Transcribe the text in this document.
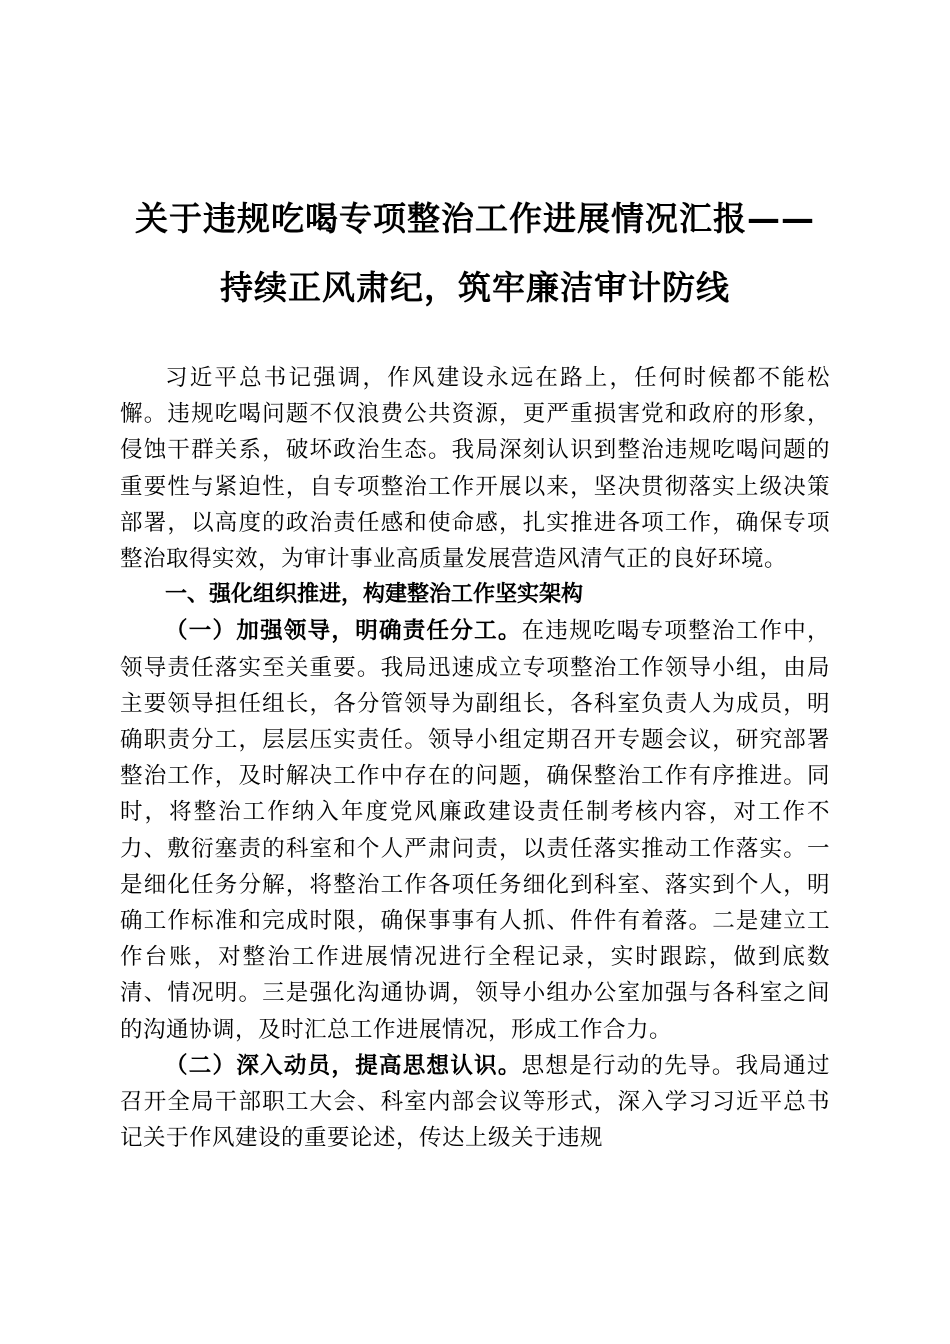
关于违规吃喝专项整治工作进展情况汇报——
持续正风肃纪，筑牢廉洁审计防线

习近平总书记强调，作风建设永远在路上，任何时候都不能松懈。违规吃喝问题不仅浪费公共资源，更严重损害党和政府的形象，侵蚀干群关系，破坏政治生态。我局深刻认识到整治违规吃喝问题的重要性与紧迫性，自专项整治工作开展以来，坚决贯彻落实上级决策部署，以高度的政治责任感和使命感，扎实推进各项工作，确保专项整治取得实效，为审计事业高质量发展营造风清气正的良好环境。

一、强化组织推进，构建整治工作坚实架构

（一）加强领导，明确责任分工。在违规吃喝专项整治工作中，领导责任落实至关重要。我局迅速成立专项整治工作领导小组，由局主要领导担任组长，各分管领导为副组长，各科室负责人为成员，明确职责分工，层层压实责任。领导小组定期召开专题会议，研究部署整治工作，及时解决工作中存在的问题，确保整治工作有序推进。同时，将整治工作纳入年度党风廉政建设责任制考核内容，对工作不力、敷衍塞责的科室和个人严肃问责，以责任落实推动工作落实。一是细化任务分解，将整治工作各项任务细化到科室、落实到个人，明确工作标准和完成时限，确保事事有人抓、件件有着落。二是建立工作台账，对整治工作进展情况进行全程记录，实时跟踪，做到底数清、情况明。三是强化沟通协调，领导小组办公室加强与各科室之间的沟通协调，及时汇总工作进展情况，形成工作合力。

（二）深入动员，提高思想认识。思想是行动的先导。我局通过召开全局干部职工大会、科室内部会议等形式，深入学习习近平总书记关于作风建设的重要论述，传达上级关于违规
